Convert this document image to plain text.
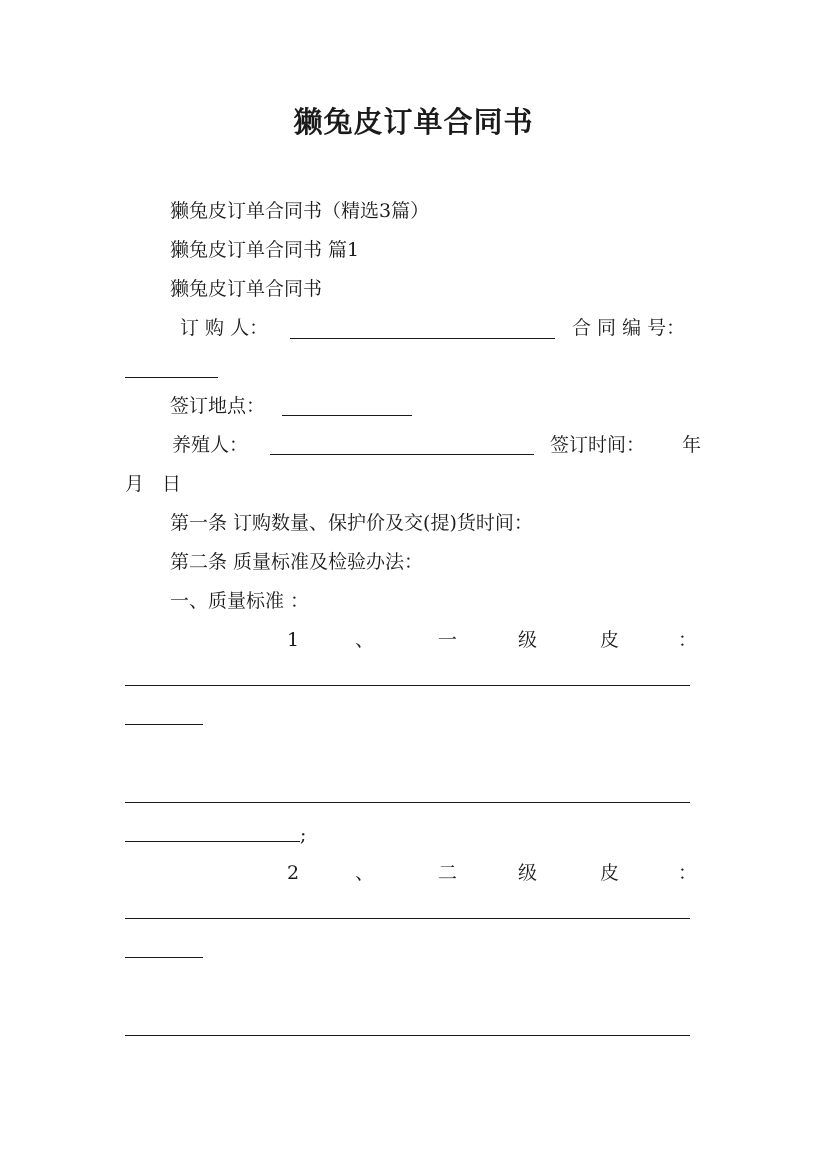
獭兔皮订单合同书
獭兔皮订单合同书（精选3篇）
獭兔皮订单合同书 篇1
獭兔皮订单合同书
订 购 人：	合 同 编 号：
签订地点：
养殖人：	签订时间： 年
月 日
第一条 订购数量、保护价及交(提)货时间：
第二条 质量标准及检验办法：
一、质量标准 ：
1	、	一	级	皮	：
;
2	、	二	级	皮	：
